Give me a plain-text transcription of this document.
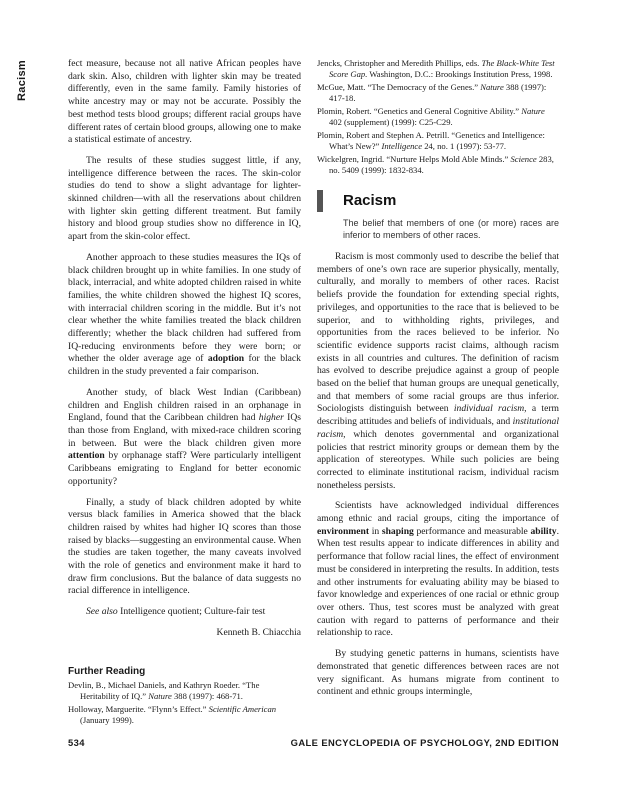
Racism	fect measure, because not all native African peoples have dark skin. Also, children with lighter skin may be treated differently, even in the same family. Family histories of white ancestry may or may not be accurate. Possibly the best method tests blood groups; different racial groups have different rates of certain blood groups, allowing one to make a statistical estimate of ancestry.

The results of these studies suggest little, if any, intelligence difference between the races. The skin-color studies do tend to show a slight advantage for lighter-skinned children—with all the reservations about children with lighter skin getting different treatment. But family history and blood group studies show no difference in IQ, apart from the skin-color effect.

Another approach to these studies measures the IQs of black children brought up in white families. In one study of black, interracial, and white adopted children raised in white families, the white children showed the highest IQ scores, with interracial children scoring in the middle. But it’s not clear whether the white families treated the black children differently; whether the black children had suffered from IQ-reducing environments before they were born; or whether the older average age of adoption for the black children in the study prevented a fair comparison.

Another study, of black West Indian (Caribbean) children and English children raised in an orphanage in England, found that the Caribbean children had higher IQs than those from England, with mixed-race children scoring in between. But were the black children given more attention by orphanage staff? Were particularly intelligent Caribbeans emigrating to England for better economic opportunity?

Finally, a study of black children adopted by white versus black families in America showed that the black children raised by whites had higher IQ scores than those raised by blacks—suggesting an environmental cause. When the studies are taken together, the many caveats involved with the role of genetics and environment make it hard to draw firm conclusions. But the balance of data suggests no racial difference in intelligence.

See also Intelligence quotient; Culture-fair test
Kenneth B. Chiacchia
Further Reading
Devlin, B., Michael Daniels, and Kathryn Roeder. “The Heritability of IQ.” Nature 388 (1997): 468-71.
Holloway, Marguerite. “Flynn’s Effect.” Scientific American (January 1999).
Jencks, Christopher and Meredith Phillips, eds. The Black-White Test Score Gap. Washington, D.C.: Brookings Institution Press, 1998.
McGue, Matt. “The Democracy of the Genes.” Nature 388 (1997): 417-18.
Plomin, Robert. “Genetics and General Cognitive Ability.” Nature 402 (supplement) (1999): C25-C29.
Plomin, Robert and Stephen A. Petrill. “Genetics and Intelligence: What’s New?” Intelligence 24, no. 1 (1997): 53-77.
Wickelgren, Ingrid. “Nurture Helps Mold Able Minds.” Science 283, no. 5409 (1999): 1832-834.
Racism
The belief that members of one (or more) races are inferior to members of other races.

Racism is most commonly used to describe the belief that members of one’s own race are superior physically, mentally, culturally, and morally to members of other races. Racist beliefs provide the foundation for extending special rights, privileges, and opportunities to the race that is believed to be superior, and to withholding rights, privileges, and opportunities from the races believed to be inferior. No scientific evidence supports racist claims, although racism exists in all countries and cultures. The definition of racism has evolved to describe prejudice against a group of people based on the belief that human groups are unequal genetically, and that members of some racial groups are thus inferior. Sociologists distinguish between individual racism, a term describing attitudes and beliefs of individuals, and institutional racism, which denotes governmental and organizational policies that restrict minority groups or demean them by the application of stereotypes. While such policies are being corrected to eliminate institutional racism, individual racism nonetheless persists.

Scientists have acknowledged individual differences among ethnic and racial groups, citing the importance of environment in shaping performance and measurable ability. When test results appear to indicate differences in ability and performance that follow racial lines, the effect of environment must be considered in interpreting the results. In addition, tests and other instruments for evaluating ability may be biased to favor knowledge and experiences of one racial or ethnic group over others. Thus, test scores must be analyzed with great caution with regard to patterns of performance and their relationship to race.

By studying genetic patterns in humans, scientists have demonstrated that genetic differences between races are not very significant. As humans migrate from continent to continent and ethnic groups intermingle,

534	GALE ENCYCLOPEDIA OF PSYCHOLOGY, 2ND EDITION
